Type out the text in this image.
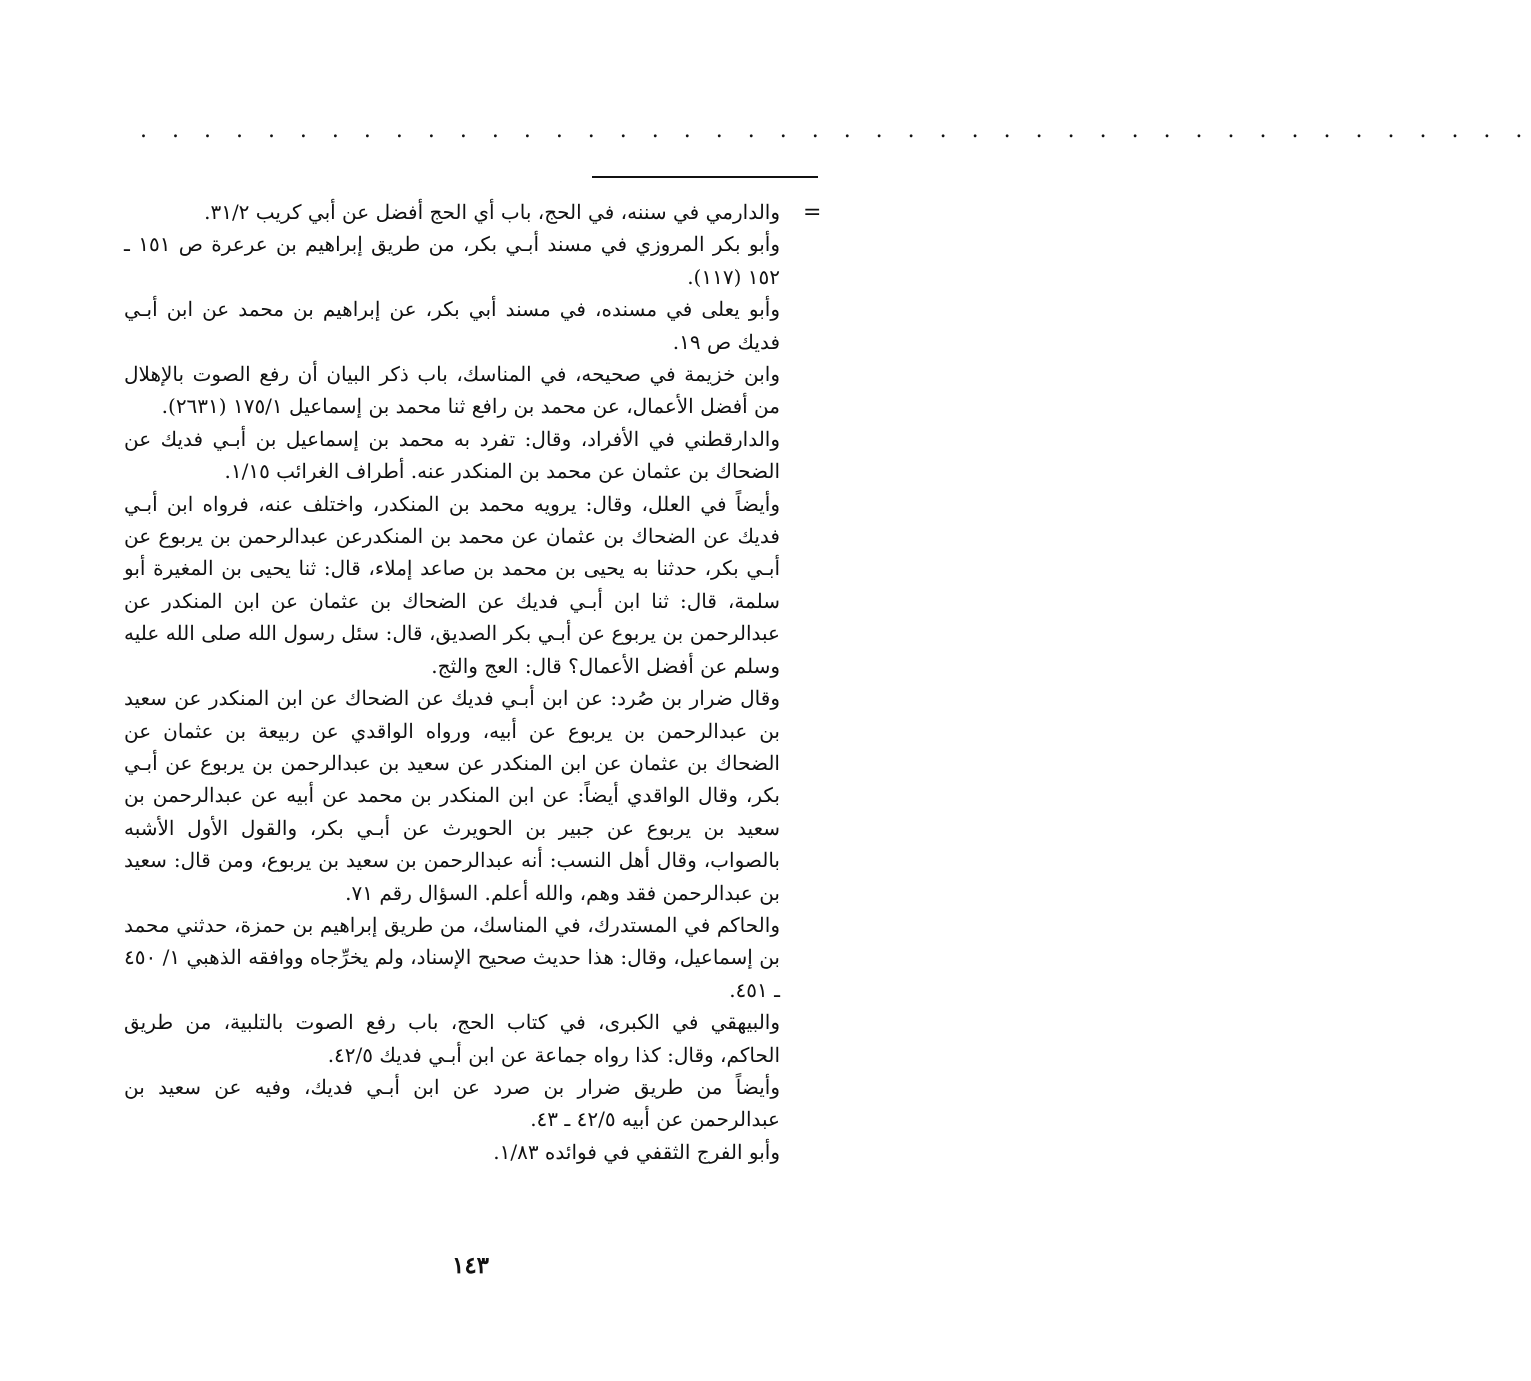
. . . . . . . . . . . . . . . . . . . . . . . . . . . . . . . . . . . . . . . . . . . .
=

والدارمي في سننه، في الحج، باب أي الحج أفضل عن أبي كريب ٣١/٢.

وأبو بكر المروزي في مسند أبـي بكر، من طريق إبراهيم بن عرعرة ص ١٥١ ـ ١٥٢ (١١٧).

وأبو يعلى في مسنده، في مسند أبي بكر، عن إبراهيم بن محمد عن ابن أبـي فديك ص ١٩.

وابن خزيمة في صحيحه، في المناسك، باب ذكر البيان أن رفع الصوت بالإهلال من أفضل الأعمال، عن محمد بن رافع ثنا محمد بن إسماعيل ١٧٥/١ (٢٦٣١).

والدارقطني في الأفراد، وقال: تفرد به محمد بن إسماعيل بن أبـي فديك عن الضحاك بن عثمان عن محمد بن المنكدر عنه. أطراف الغرائب ١/١٥.

وأيضاً في العلل، وقال: يرويه محمد بن المنكدر، واختلف عنه، فرواه ابن أبـي فديك عن الضحاك بن عثمان عن محمد بن المنكدرعن عبدالرحمن بن يربوع عن أبـي بكر، حدثنا به يحيى بن محمد بن صاعد إملاء، قال: ثنا يحيى بن المغيرة أبو سلمة، قال: ثنا ابن أبـي فديك عن الضحاك بن عثمان عن ابن المنكدر عن عبدالرحمن بن يربوع عن أبـي بكر الصديق، قال: سئل رسول الله صلى الله عليه وسلم عن أفضل الأعمال؟ قال: العج والثج.

وقال ضرار بن صُرد: عن ابن أبـي فديك عن الضحاك عن ابن المنكدر عن سعيد بن عبدالرحمن بن يربوع عن أبيه، ورواه الواقدي عن ربيعة بن عثمان عن الضحاك بن عثمان عن ابن المنكدر عن سعيد بن عبدالرحمن بن يربوع عن أبـي بكر، وقال الواقدي أيضاً: عن ابن المنكدر بن محمد عن أبيه عن عبدالرحمن بن سعيد بن يربوع عن جبير بن الحويرث عن أبـي بكر، والقول الأول الأشبه بالصواب، وقال أهل النسب: أنه عبدالرحمن بن سعيد بن يربوع، ومن قال: سعيد بن عبدالرحمن فقد وهم، والله أعلم. السؤال رقم ٧١.

والحاكم في المستدرك، في المناسك، من طريق إبراهيم بن حمزة، حدثني محمد بن إسماعيل، وقال: هذا حديث صحيح الإسناد، ولم يخرِّجاه ووافقه الذهبي ١/ ٤٥٠ ـ ٤٥١.

والبيهقي في الكبرى، في كتاب الحج، باب رفع الصوت بالتلبية، من طريق الحاكم، وقال: كذا رواه جماعة عن ابن أبـي فديك ٤٢/٥.

وأيضاً من طريق ضرار بن صرد عن ابن أبـي فديك، وفيه عن سعيد بن عبدالرحمن عن أبيه ٤٢/٥ ـ ٤٣.

وأبو الفرج الثقفي في فوائده ١/٨٣.

١٤٣
